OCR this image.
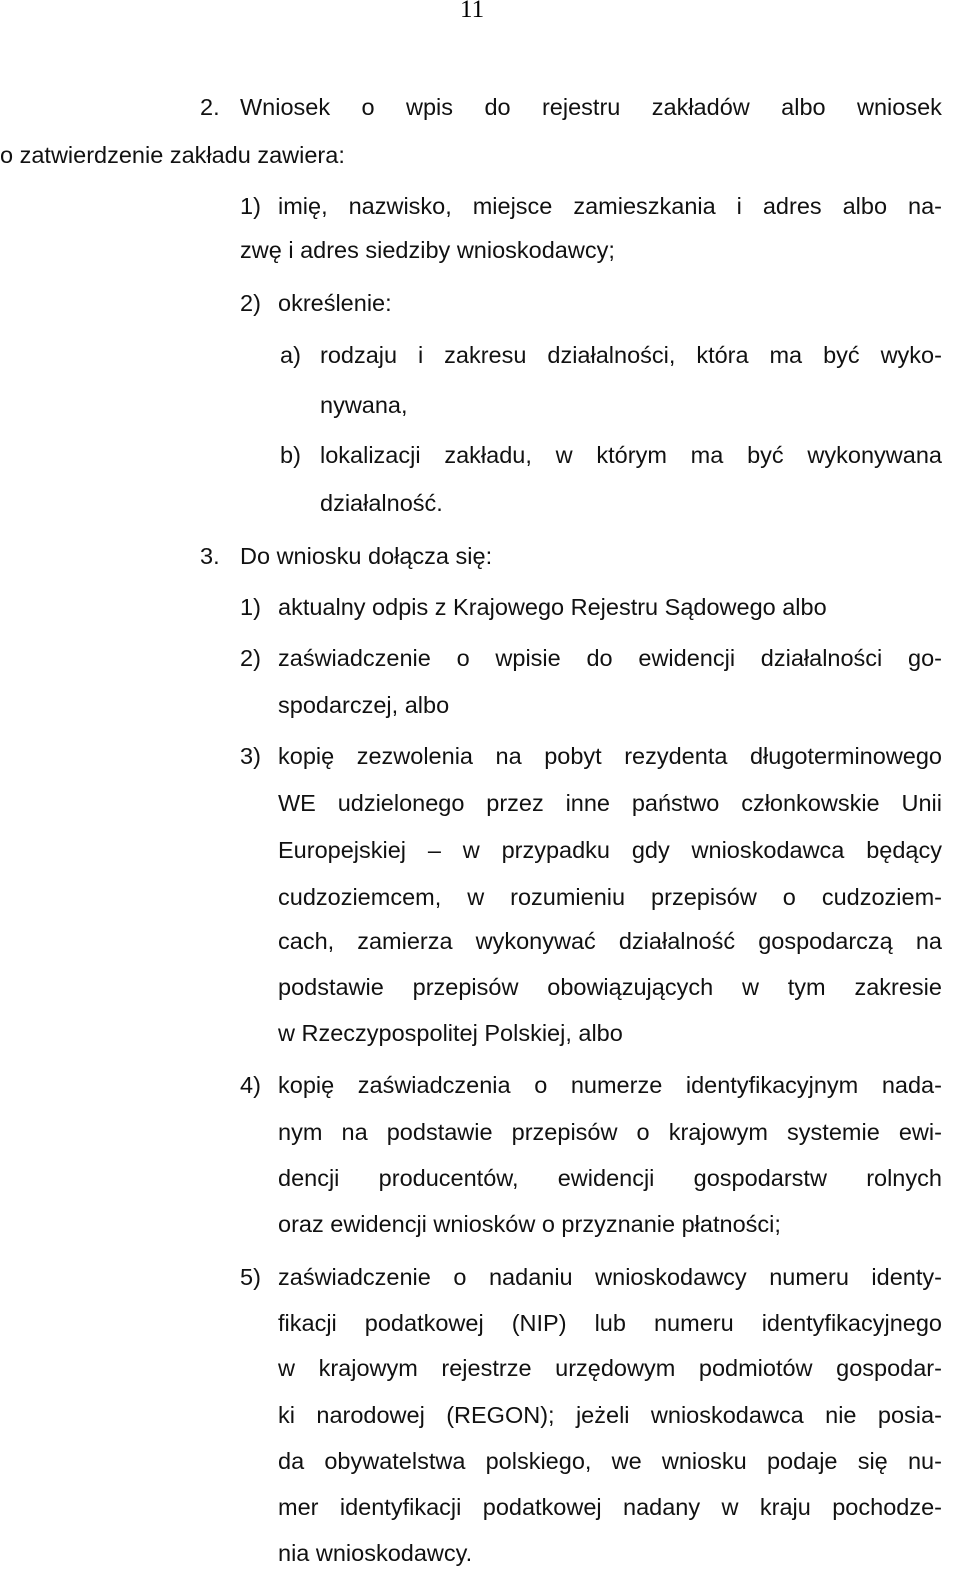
11
2. Wniosek o wpis do rejestru zakładów albo wniosek
o zatwierdzenie zakładu zawiera:
1) imię, nazwisko, miejsce zamieszkania i adres albo na-
zwę i adres siedziby wnioskodawcy;
2) określenie:
a) rodzaju i zakresu działalności, która ma być wyko-
nywana,
b) lokalizacji zakładu, w którym ma być wykonywana
działalność.
3. Do wniosku dołącza się:
1) aktualny odpis z Krajowego Rejestru Sądowego albo
2) zaświadczenie o wpisie do ewidencji działalności go-
spodarczej, albo
3) kopię zezwolenia na pobyt rezydenta długoterminowego
WE udzielonego przez inne państwo członkowskie Unii
Europejskiej – w przypadku gdy wnioskodawca będący
cudzoziemcem, w rozumieniu przepisów o cudzoziem-
cach, zamierza wykonywać działalność gospodarczą na
podstawie przepisów obowiązujących w tym zakresie
w Rzeczypospolitej Polskiej, albo
4) kopię zaświadczenia o numerze identyfikacyjnym nada-
nym na podstawie przepisów o krajowym systemie ewi-
dencji producentów, ewidencji gospodarstw rolnych
oraz ewidencji wniosków o przyznanie płatności;
5) zaświadczenie o nadaniu wnioskodawcy numeru identy-
fikacji podatkowej (NIP) lub numeru identyfikacyjnego
w krajowym rejestrze urzędowym podmiotów gospodar-
ki narodowej (REGON); jeżeli wnioskodawca nie posia-
da obywatelstwa polskiego, we wniosku podaje się nu-
mer identyfikacji podatkowej nadany w kraju pochodze-
nia wnioskodawcy.
